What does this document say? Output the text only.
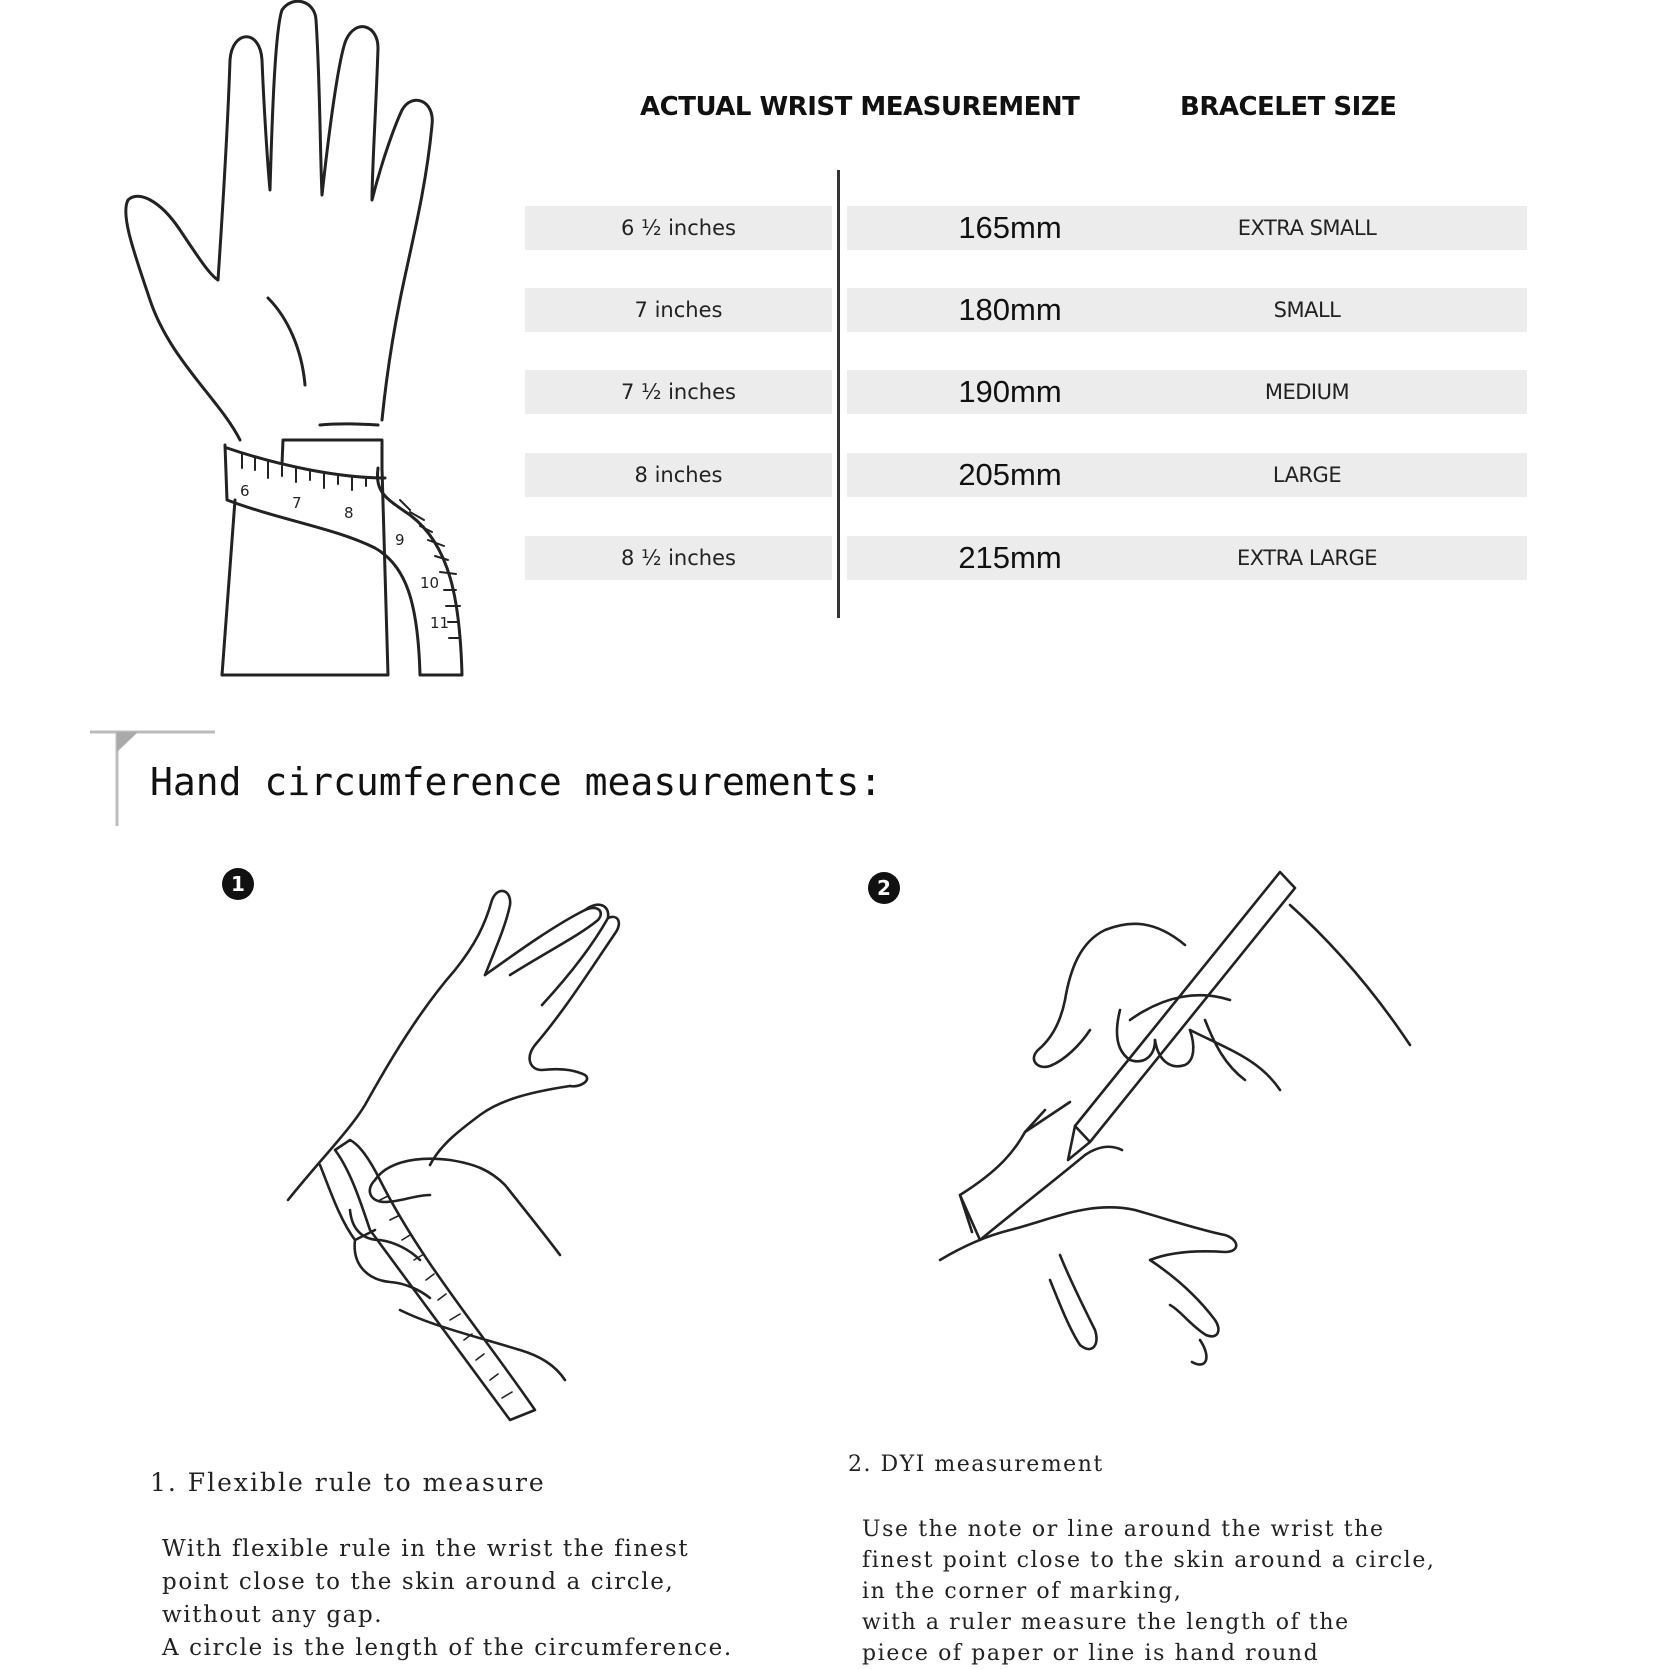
6
7
8
9
10
11
ACTUAL WRIST MEASUREMENT	BRACELET SIZE
6 ½ inches	165mm	EXTRA SMALL
7 inches	180mm	SMALL
7 ½ inches	190mm	MEDIUM
8 inches	205mm	LARGE
8 ½ inches	215mm	EXTRA LARGE
Hand circumference measurements:
1
1. Flexible rule to measure
With flexible rule in the wrist the finest
point close to the skin around a circle,
without any gap.
A circle is the length of the circumference.
2
2. DYI measurement
Use the note or line around the wrist the
finest point close to the skin around a circle,
in the corner of marking,
with a ruler measure the length of the
piece of paper or line is hand round
